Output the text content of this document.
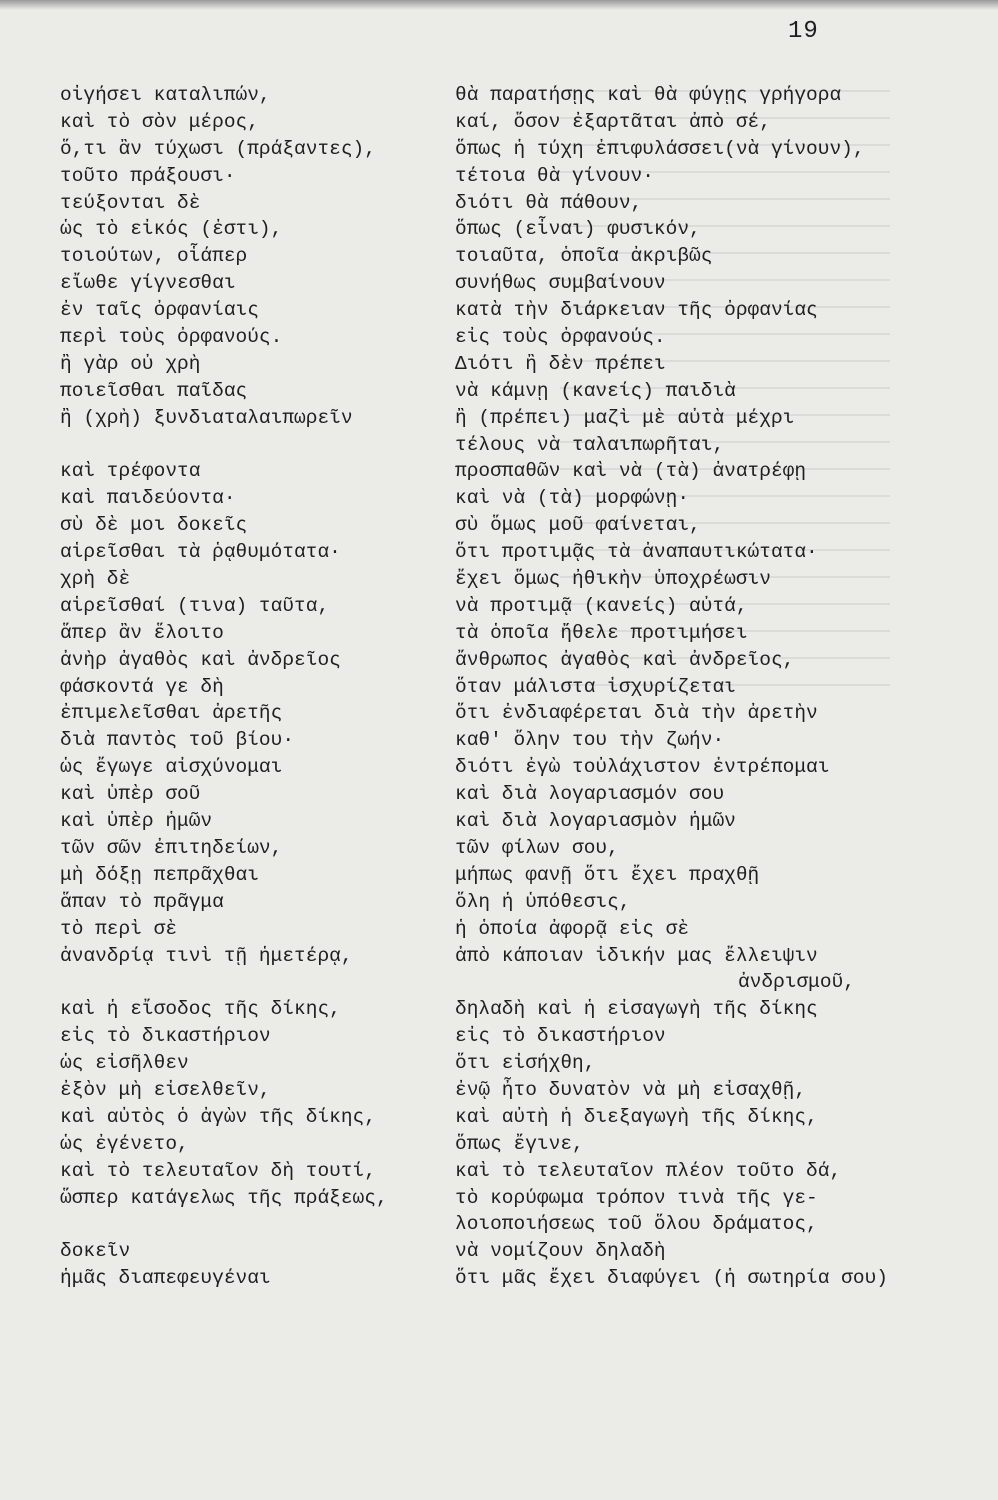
19
οἰγήσει καταλιπών,
καὶ τὸ σὸν μέρος,
ὅ,τι ἂν τύχωσι (πράξαντες),
τοῦτο πράξουσι·
τεύξονται δὲ
ὡς τὸ εἰκός (ἐστι),
τοιούτων, οἷάπερ
εἴωθε γίγνεσθαι
ἐν ταῖς ὀρφανίαις
περὶ τοὺς ὀρφανούς.
ἢ γὰρ οὐ χρὴ
ποιεῖσθαι παῖδας
ἢ (χρὴ) ξυνδιαταλαιπωρεῖν
καὶ τρέφοντα
καὶ παιδεύοντα·
σὺ δὲ μοι δοκεῖς
αἱρεῖσθαι τὰ ῥᾳθυμότατα·
χρὴ δὲ
αἱρεῖσθαί (τινα) ταῦτα,
ἅπερ ἂν ἕλοιτο
ἀνὴρ ἀγαθὸς καὶ ἀνδρεῖος
φάσκοντά γε δὴ
ἐπιμελεῖσθαι ἀρετῆς
διὰ παντὸς τοῦ βίου·
ὡς ἔγωγε αἰσχύνομαι
καὶ ὑπὲρ σοῦ
καὶ ὑπὲρ ἡμῶν
τῶν σῶν ἐπιτηδείων,
μὴ δόξῃ πεπρᾶχθαι
ἅπαν τὸ πρᾶγμα
τὸ περὶ σὲ
ἀνανδρίᾳ τινὶ τῇ ἡμετέρᾳ,
καὶ ἡ εἴσοδος τῆς δίκης,
εἰς τὸ δικαστήριον
ὡς εἰσῆλθεν
ἐξὸν μὴ εἰσελθεῖν,
καὶ αὐτὸς ὁ ἀγὼν τῆς δίκης,
ὡς ἐγένετο,
καὶ τὸ τελευταῖον δὴ τουτί,
ὥσπερ κατάγελως τῆς πράξεως,
δοκεῖν
ἡμᾶς διαπεφευγέναι
θὰ παρατήσῃς καὶ θὰ φύγῃς γρήγορα
καί, ὅσον ἐξαρτᾶται ἀπὸ σέ,
ὅπως ἡ τύχη ἐπιφυλάσσει(νὰ γίνουν),
τέτοια θὰ γίνουν·
διότι θὰ πάθουν,
ὅπως (εἶναι) φυσικόν,
τοιαῦτα, ὁποῖα ἀκριβῶς
συνήθως συμβαίνουν
κατὰ τὴν διάρκειαν τῆς ὀρφανίας
εἰς τοὺς ὀρφανούς.
Διότι ἢ δὲν πρέπει
νὰ κάμνῃ (κανείς) παιδιὰ
ἢ (πρέπει) μαζὶ μὲ αὐτὰ μέχρι
τέλους νὰ ταλαιπωρῆται,
προσπαθῶν καὶ νὰ (τὰ) ἀνατρέφῃ
καὶ νὰ (τὰ) μορφώνῃ·
σὺ ὅμως μοῦ φαίνεται,
ὅτι προτιμᾷς τὰ ἀναπαυτικώτατα·
ἔχει ὅμως ἠθικὴν ὑποχρέωσιν
νὰ προτιμᾷ (κανείς) αὐτά,
τὰ ὁποῖα ἤθελε προτιμήσει
ἄνθρωπος ἀγαθὸς καὶ ἀνδρεῖος,
ὅταν μάλιστα ἰσχυρίζεται
ὅτι ἐνδιαφέρεται διὰ τὴν ἀρετὴν
καθ' ὅλην του τὴν ζωήν·
διότι ἐγὼ τοὐλάχιστον ἐντρέπομαι
καὶ διὰ λογαριασμόν σου
καὶ διὰ λογαριασμὸν ἡμῶν
τῶν φίλων σου,
μήπως φανῇ ὅτι ἔχει πραχθῇ
ὅλη ἡ ὑπόθεσις,
ἡ ὁποία ἀφορᾷ εἰς σὲ
ἀπὸ κάποιαν ἰδικήν μας ἔλλειψιν
ἀνδρισμοῦ,
δηλαδὴ καὶ ἡ εἰσαγωγὴ τῆς δίκης
εἰς τὸ δικαστήριον
ὅτι εἰσήχθη,
ἐνῷ ἦτο δυνατὸν νὰ μὴ εἰσαχθῇ,
καὶ αὐτὴ ἡ διεξαγωγὴ τῆς δίκης,
ὅπως ἔγινε,
καὶ τὸ τελευταῖον πλέον τοῦτο δά,
τὸ κορύφωμα τρόπον τινὰ τῆς γε-
λοιοποιήσεως τοῦ ὅλου δράματος,
νὰ νομίζουν δηλαδὴ
ὅτι μᾶς ἔχει διαφύγει (ἡ σωτηρία σου)
